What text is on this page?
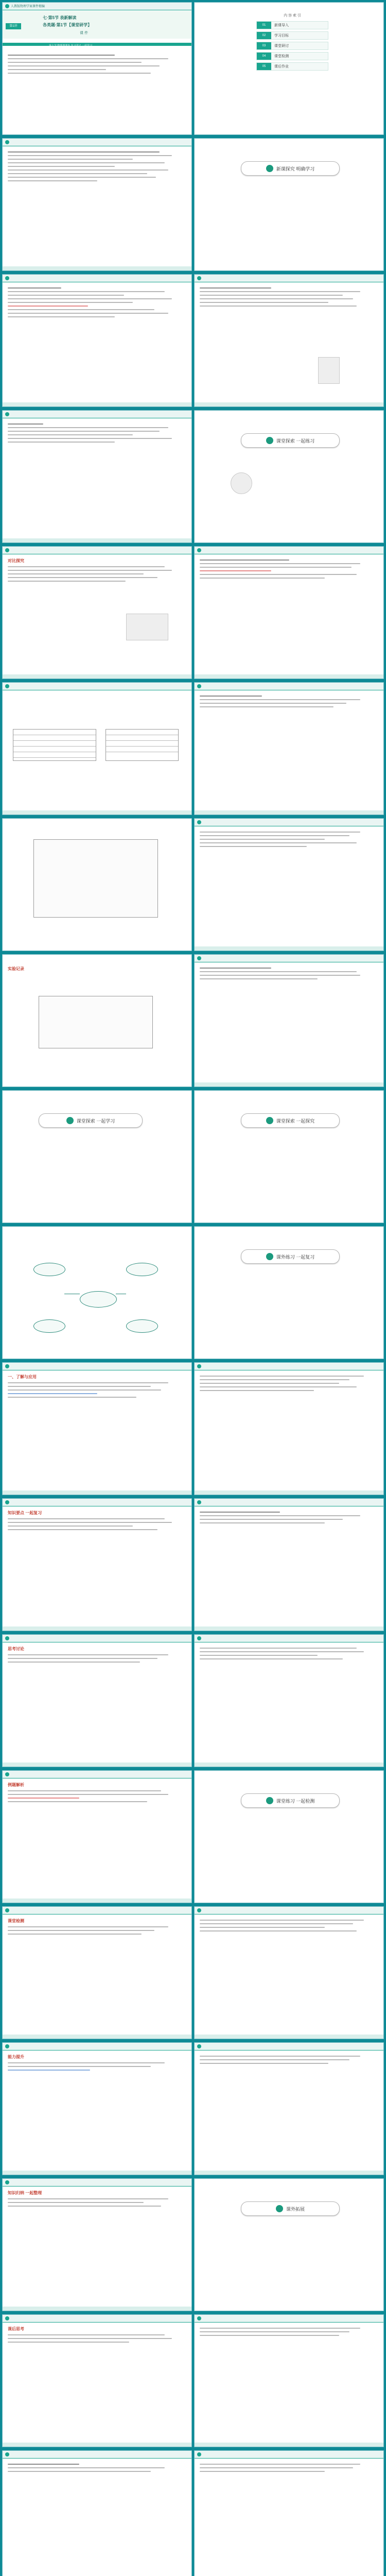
人教版物理学案课件精编
七·第5节 表新解读
各类题·第1节【课堂研学】
课 件
第1讲
第十节 物理课课外 复习讲义 一起学习
内 容 索 引
01	新课导入
02	学习目标
03	课堂研讨
04	课堂检测
05	课后作业
新课探究 明确学习
课堂探索 一起练习
对比探究
实验记录
课堂探索 一起学习	课堂探索 一起探究
课外练习 一起复习
一、了解与应用
知识要点 一起复习
思考讨论
例题解析
课堂练习 一起检测
课堂检测
能力提升
知识归纳 一起整理
课外拓展
课后思考
